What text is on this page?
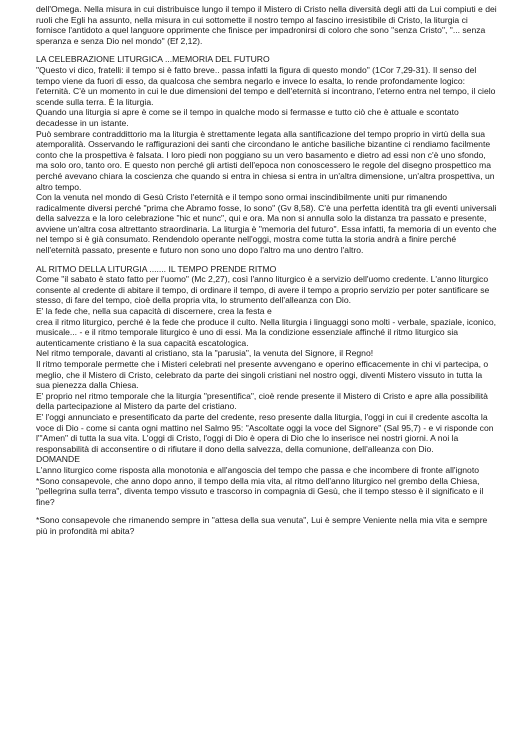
dell'Omega. Nella misura in cui distribuisce lungo il tempo il Mistero di Cristo nella diversità degli atti da Lui compiuti e dei ruoli che Egli ha assunto, nella misura in cui sottomette il nostro tempo al fascino irresistibile di Cristo, la liturgia ci fornisce l'antidoto a quel languore opprimente che finisce per impadronirsi di coloro che sono "senza Cristo", "... senza speranza e senza Dio nel mondo" (Ef 2,12).

LA CELEBRAZIONE LITURGICA ...MEMORIA DEL FUTURO

"Questo vi dico, fratelli: il tempo si è fatto breve.. passa infatti la figura di questo mondo" (1Cor 7,29-31). Il senso del tempo viene da fuori di esso, da qualcosa che sembra negarlo e invece lo esalta, lo rende profondamente logico: l'eternità. C'è un momento in cui le due dimensioni del tempo e dell'eternità si incontrano, l'eterno entra nel tempo, il cielo scende sulla terra. È la liturgia.

Quando una liturgia si apre è come se il tempo in qualche modo si fermasse e tutto ciò che è attuale e scontato decadesse in un istante.

Può sembrare contraddittorio ma la liturgia è strettamente legata alla santificazione del tempo proprio in virtù della sua atemporalità. Osservando le raffigurazioni dei santi che circondano le antiche basiliche bizantine ci rendiamo facilmente conto che la prospettiva è falsata. I loro piedi non poggiano su un vero basamento e dietro ad essi non c'è uno sfondo, ma solo oro, tanto oro. E questo non perché gli artisti dell'epoca non conoscessero le regole del disegno prospettico ma perché avevano chiara la coscienza che quando si entra in chiesa si entra in un'altra dimensione, un'altra prospettiva, un altro tempo.

Con la venuta nel mondo di Gesù Cristo l'eternità e il tempo sono ormai inscindibilmente uniti pur rimanendo radicalmente diversi perché "prima che Abramo fosse, Io sono" (Gv 8,58). C'è una perfetta identità tra gli eventi universali della salvezza e la loro celebrazione "hic et nunc", qui e ora. Ma non si annulla solo la distanza tra passato e presente, avviene un'altra cosa altrettanto straordinaria. La liturgia è "memoria del futuro". Essa infatti, fa memoria di un evento che nel tempo si è già consumato. Rendendolo operante nell'oggi, mostra come tutta la storia andrà a finire perché nell'eternità passato, presente e futuro non sono uno dopo l'altro ma uno dentro l'altro.

AL RITMO DELLA LITURGIA ....... IL TEMPO PRENDE RITMO

Come "il sabato è stato fatto per l'uomo" (Mc 2,27), così l'anno liturgico è a servizio dell'uomo credente. L'anno liturgico consente al credente di abitare il tempo, di ordinare il tempo, di avere il tempo a proprio servizio per poter santificare se stesso, di fare del tempo, cioè della propria vita, lo strumento dell'alleanza con Dio.

E' la fede che, nella sua capacità di discernere, crea la festa e

crea il ritmo liturgico, perché è la fede che produce il culto. Nella liturgia i linguaggi sono molti - verbale, spaziale, iconico, musicale... - e il ritmo temporale liturgico è uno di essi. Ma la condizione essenziale affinché il ritmo liturgico sia autenticamente cristiano è la sua capacità escatologica.

Nel ritmo temporale, davanti al cristiano, sta la "parusia", la venuta del Signore, il Regno!

Il ritmo temporale permette che i Misteri celebrati nel presente avvengano e operino efficacemente in chi vi partecipa, o meglio, che il Mistero di Cristo, celebrato da parte dei singoli cristiani nel nostro oggi, diventi Mistero vissuto in tutta la sua pienezza dalla Chiesa.

E' proprio nel ritmo temporale che la liturgia "presentifica", cioè rende presente il Mistero di Cristo e apre alla possibilità della partecipazione al Mistero da parte del cristiano.

E' l'oggi annunciato e presentificato da parte del credente, reso presente dalla liturgia, l'oggi in cui il credente ascolta la voce di Dio - come si canta ogni mattino nel Salmo 95: "Ascoltate oggi la voce del Signore" (Sal 95,7) - e vi risponde con l'"Amen" di tutta la sua vita. L'oggi di Cristo, l'oggi di Dio è opera di Dio che lo inserisce nei nostri giorni. A noi la responsabilità di acconsentire o di rifiutare il dono della salvezza, della comunione, dell'alleanza con Dio.

DOMANDE

L'anno liturgico come risposta alla monotonia e all'angoscia del tempo che passa e che incombere di fronte all'ignoto *Sono consapevole, che anno dopo anno, il tempo della mia vita, al ritmo dell'anno liturgico nel grembo della Chiesa, "pellegrina sulla terra", diventa tempo vissuto e trascorso in compagnia di Gesù, che il tempo stesso è il significato e il fine?

*Sono consapevole che rimanendo sempre in "attesa della sua venuta", Lui è sempre Veniente nella mia vita e sempre più in profondità mi abita?
